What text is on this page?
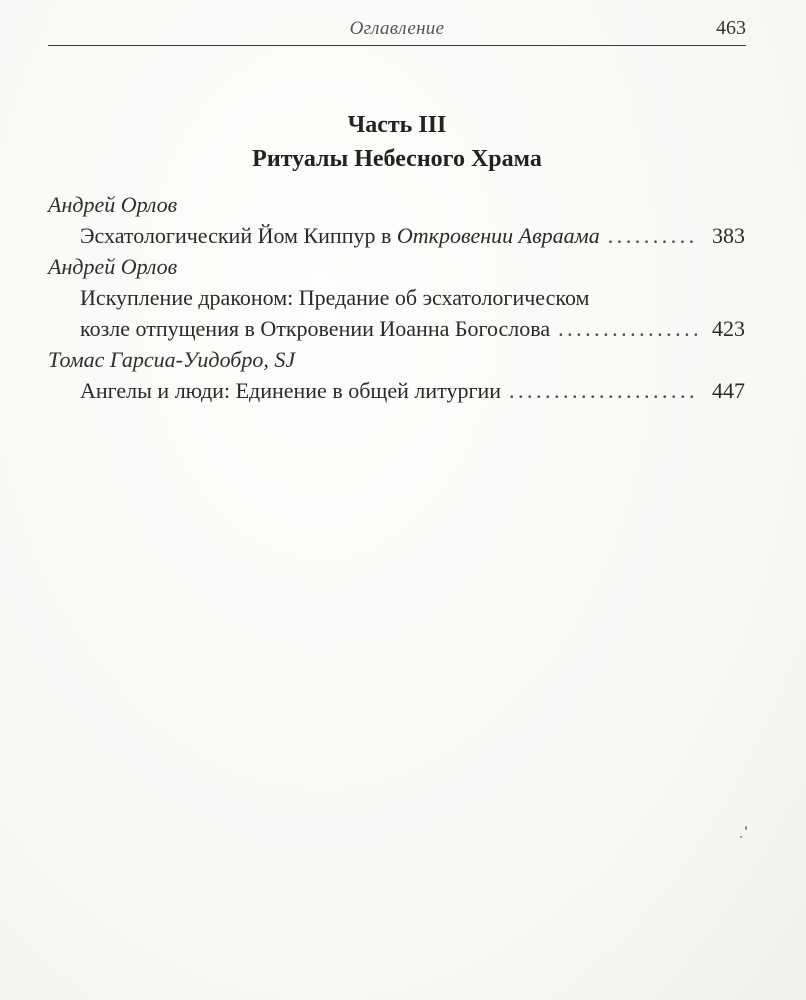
Оглавление	463
Часть III
Ритуалы Небесного Храма
Андрей Орлов
Эсхатологический Йом Киппур в Откровении Авраама . . .	383
Андрей Орлов
Искупление драконом: Предание об эсхатологическом
козле отпущения в Откровении Иоанна Богослова . . .	423
Томас Гарсиа-Уидобро, SJ
Ангелы и люди: Единение в общей литургии . . .	447
